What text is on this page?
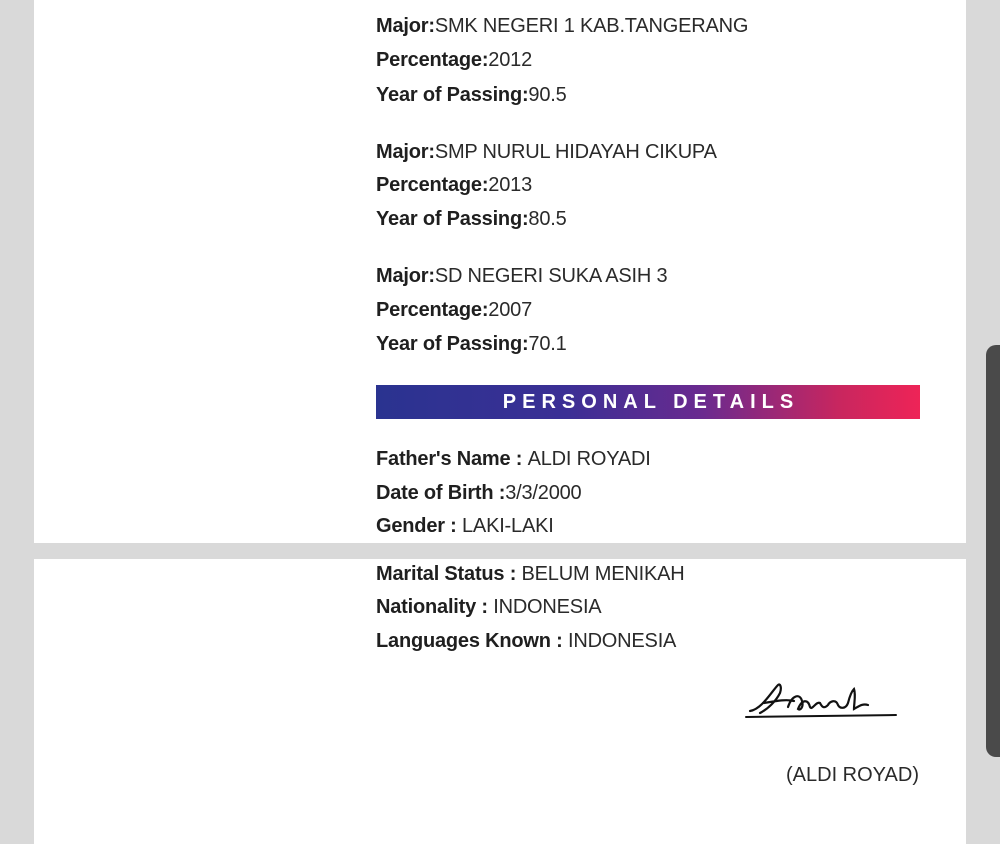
Major:SMK NEGERI 1 KAB.TANGERANG
Percentage:2012
Year of Passing:90.5
Major:SMP NURUL HIDAYAH CIKUPA
Percentage:2013
Year of Passing:80.5
Major:SD NEGERI SUKA ASIH 3
Percentage:2007
Year of Passing:70.1
PERSONAL DETAILS
Father's Name : ALDI ROYADI
Date of Birth :3/3/2000
Gender : LAKI-LAKI
Marital Status : BELUM MENIKAH
Nationality : INDONESIA
Languages Known : INDONESIA
(ALDI ROYAD)
